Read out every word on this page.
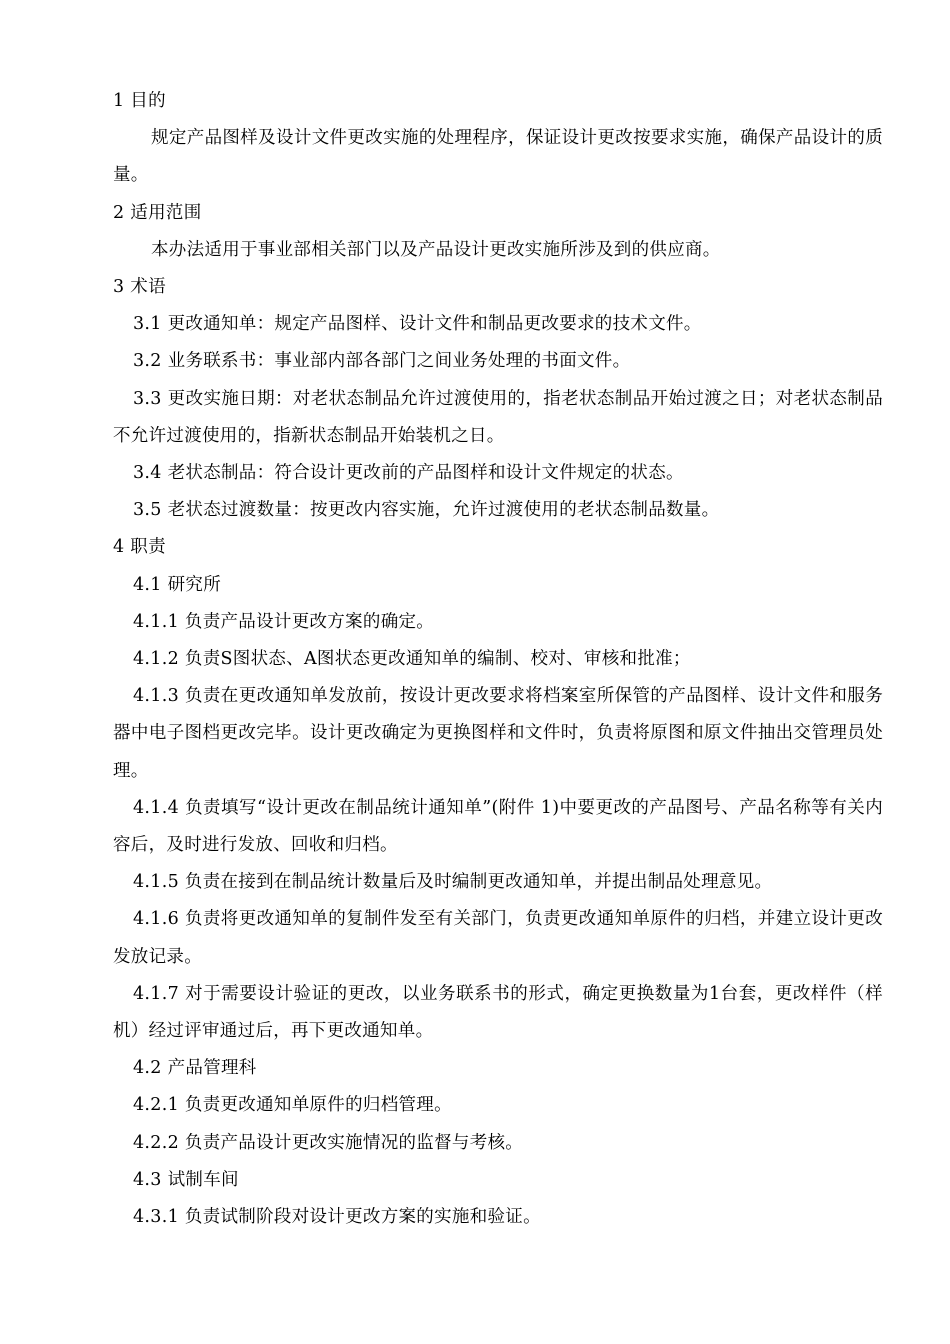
1 目的
规定产品图样及设计文件更改实施的处理程序，保证设计更改按要求实施，确保产品设计的质量。
2 适用范围
本办法适用于事业部相关部门以及产品设计更改实施所涉及到的供应商。
3 术语
3.1 更改通知单：规定产品图样、设计文件和制品更改要求的技术文件。
3.2 业务联系书：事业部内部各部门之间业务处理的书面文件。
3.3 更改实施日期：对老状态制品允许过渡使用的，指老状态制品开始过渡之日；对老状态制品不允许过渡使用的，指新状态制品开始装机之日。
3.4 老状态制品：符合设计更改前的产品图样和设计文件规定的状态。
3.5 老状态过渡数量：按更改内容实施，允许过渡使用的老状态制品数量。
4 职责
4.1 研究所
4.1.1 负责产品设计更改方案的确定。
4.1.2 负责S图状态、A图状态更改通知单的编制、校对、审核和批准；
4.1.3 负责在更改通知单发放前，按设计更改要求将档案室所保管的产品图样、设计文件和服务器中电子图档更改完毕。设计更改确定为更换图样和文件时，负责将原图和原文件抽出交管理员处理。
4.1.4 负责填写“设计更改在制品统计通知单”(附件 1)中要更改的产品图号、产品名称等有关内容后，及时进行发放、回收和归档。
4.1.5 负责在接到在制品统计数量后及时编制更改通知单，并提出制品处理意见。
4.1.6 负责将更改通知单的复制件发至有关部门，负责更改通知单原件的归档，并建立设计更改发放记录。
4.1.7 对于需要设计验证的更改，以业务联系书的形式，确定更换数量为1台套，更改样件（样机）经过评审通过后，再下更改通知单。
4.2 产品管理科
4.2.1 负责更改通知单原件的归档管理。
4.2.2 负责产品设计更改实施情况的监督与考核。
4.3 试制车间
4.3.1 负责试制阶段对设计更改方案的实施和验证。
